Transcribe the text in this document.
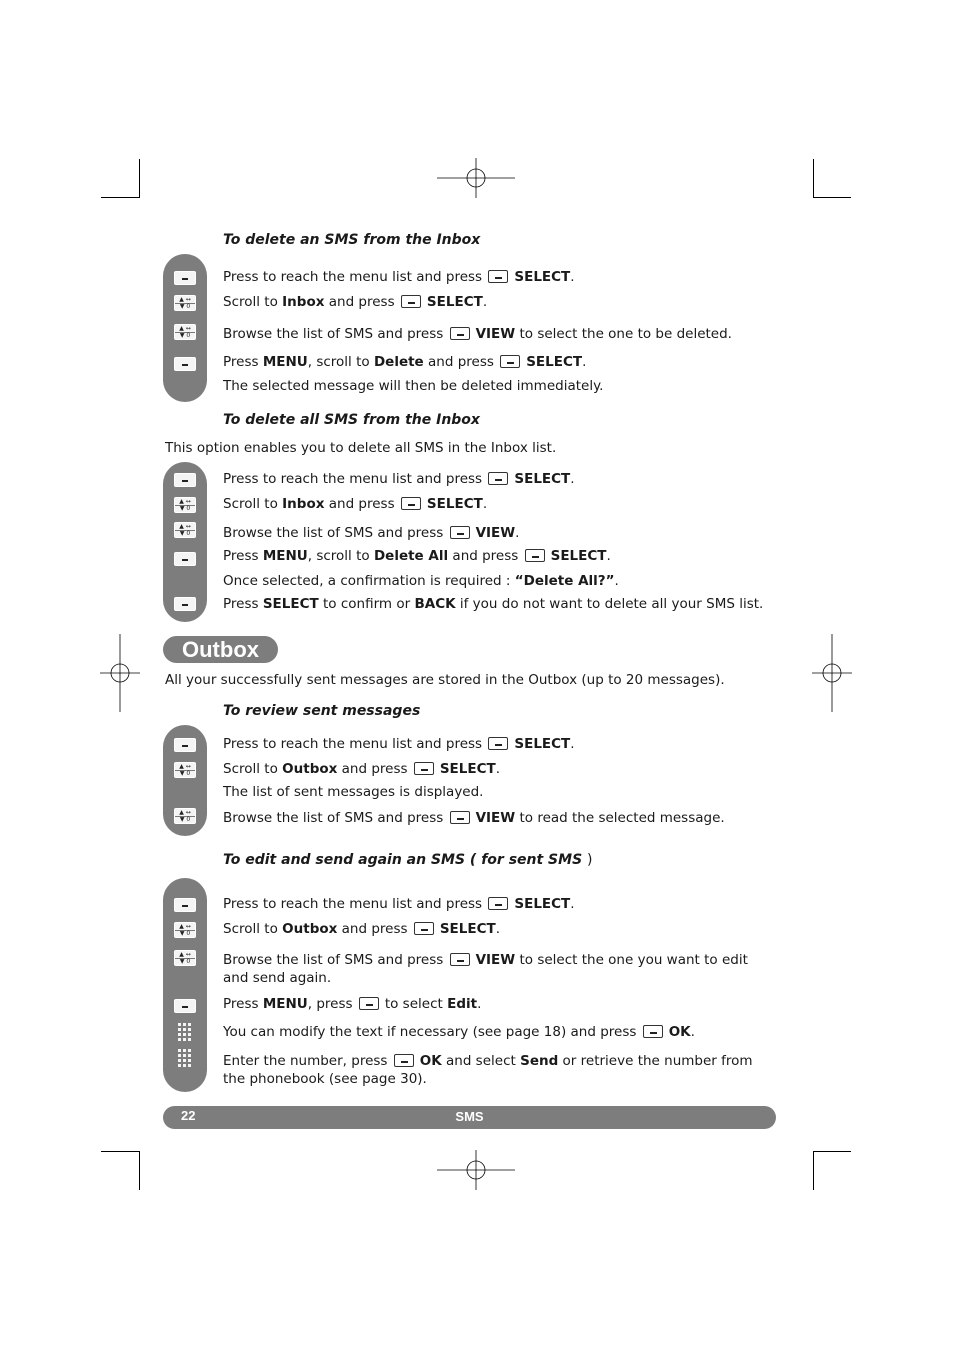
To delete an SMS from the Inbox
▲ ↔
▼ 0
▲ ↔
▼ 0
Press to reach the menu list and press SELECT.
Scroll to Inbox and press SELECT.
Browse the list of SMS and press VIEW to select the one to be deleted.
Press MENU, scroll to Delete and press SELECT.
The selected message will then be deleted immediately.
To delete all SMS from the Inbox
This option enables you to delete all SMS in the Inbox list.
▲ ↔
▼ 0
▲ ↔
▼ 0
Press to reach the menu list and press SELECT.
Scroll to Inbox and press SELECT.
Browse the list of SMS and press VIEW.
Press MENU, scroll to Delete All and press SELECT.
Once selected, a confirmation is required : “Delete All?”.
Press SELECT to confirm or BACK if you do not want to delete all your SMS list.
Outbox
All your successfully sent messages are stored in the Outbox (up to 20 messages).
To review sent messages
▲ ↔
▼ 0
▲ ↔
▼ 0
Press to reach the menu list and press SELECT.
Scroll to Outbox and press SELECT.
The list of sent messages is displayed.
Browse the list of SMS and press VIEW to read the selected message.
To edit and send again an SMS ( for sent SMS )
▲ ↔
▼ 0
▲ ↔
▼ 0
Press to reach the menu list and press SELECT.
Scroll to Outbox and press SELECT.
Browse the list of SMS and press VIEW to select the one you want to edit and send again.
Press MENU, press to select Edit.
You can modify the text if necessary (see page 18) and press OK.
Enter the number, press OK and select Send or retrieve the number from the phonebook (see page 30).
22	SMS
